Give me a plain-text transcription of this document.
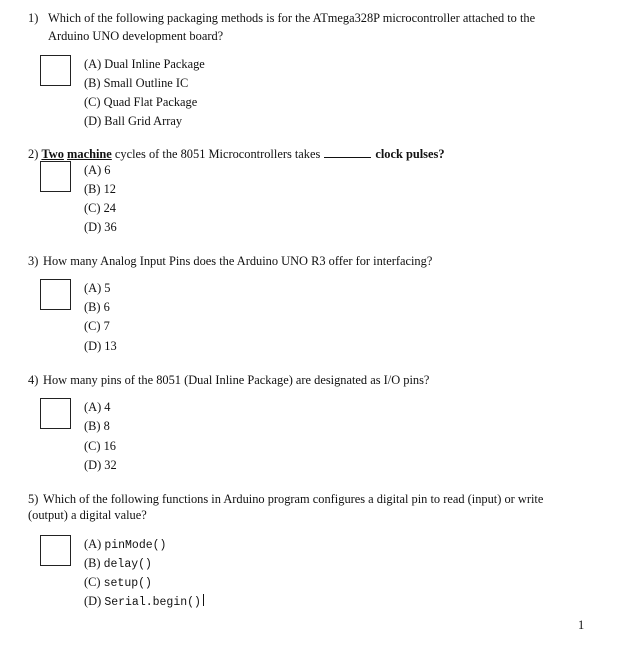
1) Which of the following packaging methods is for the ATmega328P microcontroller attached to the
Arduino UNO development board?
(A) Dual Inline Package
(B) Small Outline IC
(C) Quad Flat Package
(D) Ball Grid Array
2) Two machine cycles of the 8051 Microcontrollers takes	clock pulses?
(A) 6
(B) 12
(C) 24
(D) 36
3) How many Analog Input Pins does the Arduino UNO R3 offer for interfacing?
(A) 5
(B) 6
(C) 7
(D) 13
4) How many pins of the 8051 (Dual Inline Package) are designated as I/O pins?
(A) 4
(B) 8
(C) 16
(D) 32
5) Which of the following functions in Arduino program configures a digital pin to read (input) or write
(output) a digital value?
(A) pinMode()
(B) delay()
(C) setup()
(D) Serial.begin()
1
